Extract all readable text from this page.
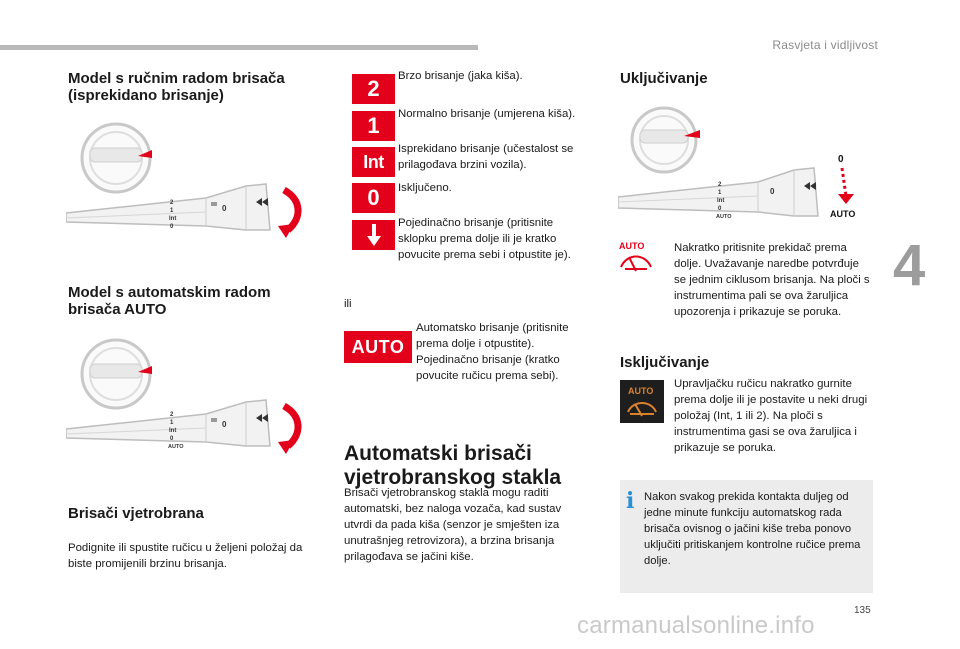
Rasvjeta i vidljivost
4
Model s ručnim radom brisača (isprekidano brisanje)
2
1
Int
0
0
Model s automatskim radom brisača AUTO
2
1
Int
0
AUTO
0
Brisači vjetrobrana

Podignite ili spustite ručicu u željeni položaj da biste promijenili brzinu brisanja.

2	Brzo brisanje (jaka kiša).

1	Normalno brisanje (umjerena kiša).

Int

Isprekidano brisanje (učestalost se prilagođava brzini vozila).

0	Isključeno.

Pojedinačno brisanje (pritisnite sklopku prema dolje ili je kratko povucite prema sebi i otpustite je).

ili

AUTO

Automatsko brisanje (pritisnite prema dolje i otpustite). Pojedinačno brisanje (kratko povucite ručicu prema sebi).

Automatski brisači vjetrobranskog stakla

Brisači vjetrobranskog stakla mogu raditi automatski, bez naloga vozača, kad sustav utvrdi da pada kiša (senzor je smješten iza unutrašnjeg retrovizora), a brzina brisanja prilagođava se jačini kiše.

Uključivanje
2
1
Int
0
AUTO
0
0
AUTO
AUTO	Nakratko pritisnite prekidač prema dolje. Uvažavanje naredbe potvrđuje se jednim ciklusom brisanja. Na ploči s instrumentima pali se ova žaruljica upozorenja i prikazuje se poruka.

Isključivanje
AUTO

Upravljačku ručicu nakratko gurnite prema dolje ili je postavite u neki drugi položaj (Int, 1 ili 2). Na ploči s instrumentima gasi se ova žaruljica i prikazuje se poruka.

i Nakon svakog prekida kontakta duljeg od jedne minute funkciju automatskog rada brisača ovisnog o jačini kiše treba ponovo uključiti pritiskanjem kontrolne ručice prema dolje.

135
carmanualsonline.info
